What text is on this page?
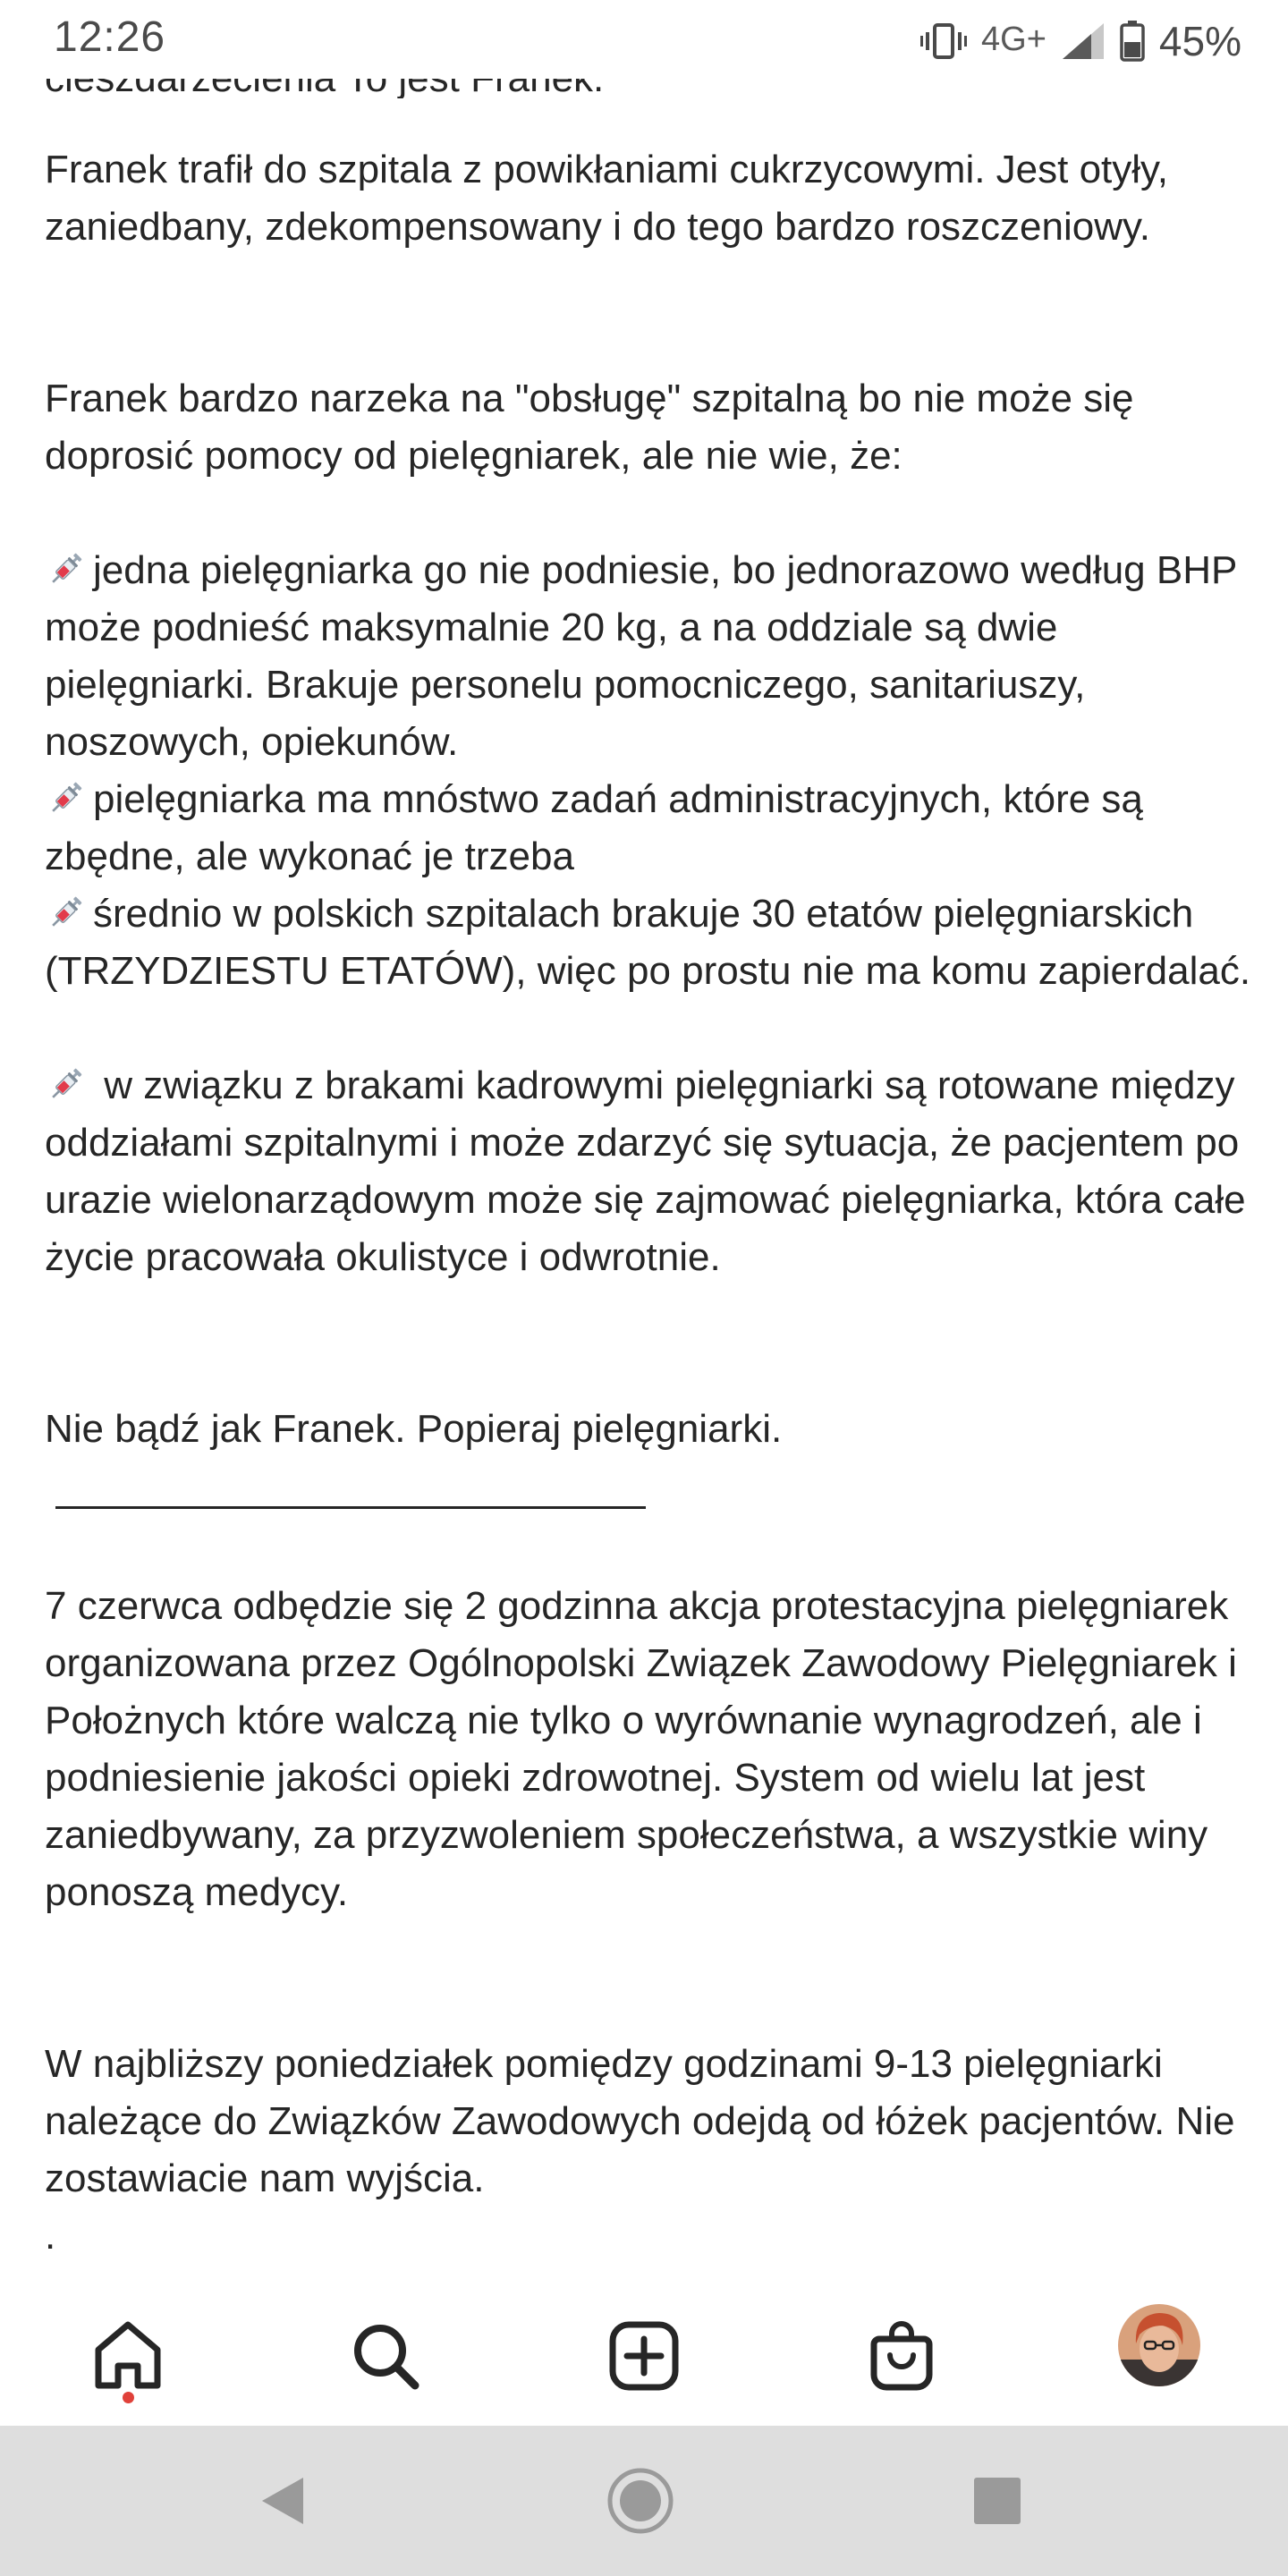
Franek trafił do szpitala z powikłaniami cukrzycowymi. Jest otyły, zaniedbany, zdekompensowany i do tego bardzo roszczeniowy.

Franek bardzo narzeka na "obsługę" szpitalną bo nie może się doprosić pomocy od pielęgniarek, ale nie wie, że:

jedna pielęgniarka go nie podniesie, bo jednorazowo według BHP może podnieść maksymalnie 20 kg, a na oddziale są dwie pielęgniarki. Brakuje personelu pomocniczego, sanitariuszy, noszowych, opiekunów.

pielęgniarka ma mnóstwo zadań administracyjnych, które są zbędne, ale wykonać je trzeba

średnio w polskich szpitalach brakuje 30 etatów pielęgniarskich (TRZYDZIESTU ETATÓW), więc po prostu nie ma komu zapierdalać.

w związku z brakami kadrowymi pielęgniarki są rotowane między oddziałami szpitalnymi i może zdarzyć się sytuacja, że pacjentem po urazie wielonarządowym może się zajmować pielęgniarka, która całe życie pracowała okulistyce i odwrotnie.

Nie bądź jak Franek. Popieraj pielęgniarki.

7 czerwca odbędzie się 2 godzinna akcja protestacyjna pielęgniarek organizowana przez Ogólnopolski Związek Zawodowy Pielęgniarek i Położnych które walczą nie tylko o wyrównanie wynagrodzeń, ale i podniesienie jakości opieki zdrowotnej. System od wielu lat jest zaniedbywany, za przyzwoleniem społeczeństwa, a wszystkie winy ponoszą medycy.

W najbliższy poniedziałek pomiędzy godzinami 9-13 pielęgniarki należące do Związków Zawodowych odejdą od łóżek pacjentów. Nie zostawiacie nam wyjścia.

.

12:26	4G+	45%
